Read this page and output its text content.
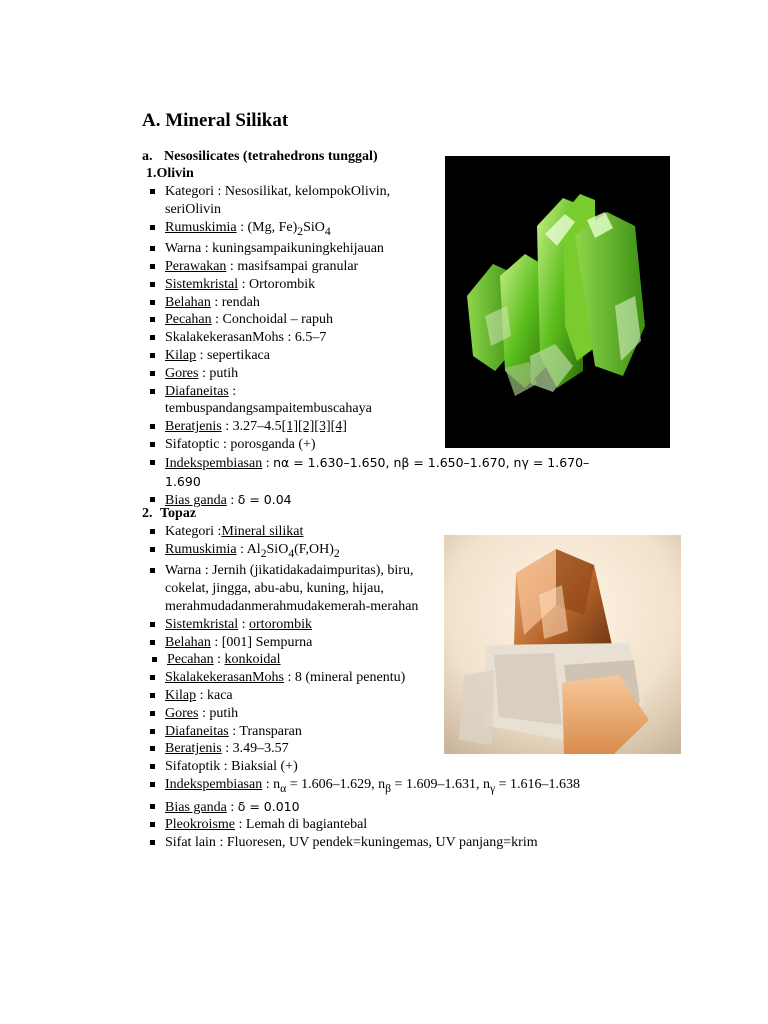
A. Mineral Silikat
a. Nesosilicates (tetrahedrons tunggal)
1.Olivin
Kategori : Nesosilikat, kelompokOlivin, seriOlivin
Rumuskimia : (Mg, $Fe)_2SiO_4$
Warna : kuningsampaikuningkehijauan
Perawakan : masifsampai granular
Sistemkristal : Ortorombik
Belahan : rendah
Pecahan : Conchoidal – rapuh
SkalakekerasanMohs : 6.5–7
Kilap : sepertikaca
Gores : putih
Diafaneitas :
tembuspandangsampaitembuscahaya
Beratjenis : 3.27–4.5[1][2][3][4]
Sifatoptic : porosganda (+)
Indekspembiasan : nα = 1.630–1.650, nβ = 1.650–1.670, nγ = 1.670–1.690
Bias ganda : δ = 0.04
2. Topaz
Kategori :Mineral silikat
Rumuskimia : $Al_2SiO_4(F,OH)_2$
Warna : Jernih (jikatidakadaimpuritas), biru, cokelat, jingga, abu-abu, kuning, hijau, merahmudadanmerahmudakemerah-merahan
Sistemkristal : ortorombik
Belahan : [001] Sempurna
Pecahan : konkoidal
SkalakekerasanMohs : 8 (mineral penentu)
Kilap : kaca
Gores : putih
Diafaneitas : Transparan
Beratjenis : 3.49–3.57
Sifatoptik : Biaksial (+)
Indekspembiasan : $n_\alpha = 1.606-1.629$, $n_\beta = 1.609-1.631$, $n_\gamma = 1.616-1.638$
Bias ganda : δ = 0.010
Pleokroisme : Lemah di bagiantebal
Sifat lain : Fluoresen, UV pendek=kuningemas, UV panjang=krim
